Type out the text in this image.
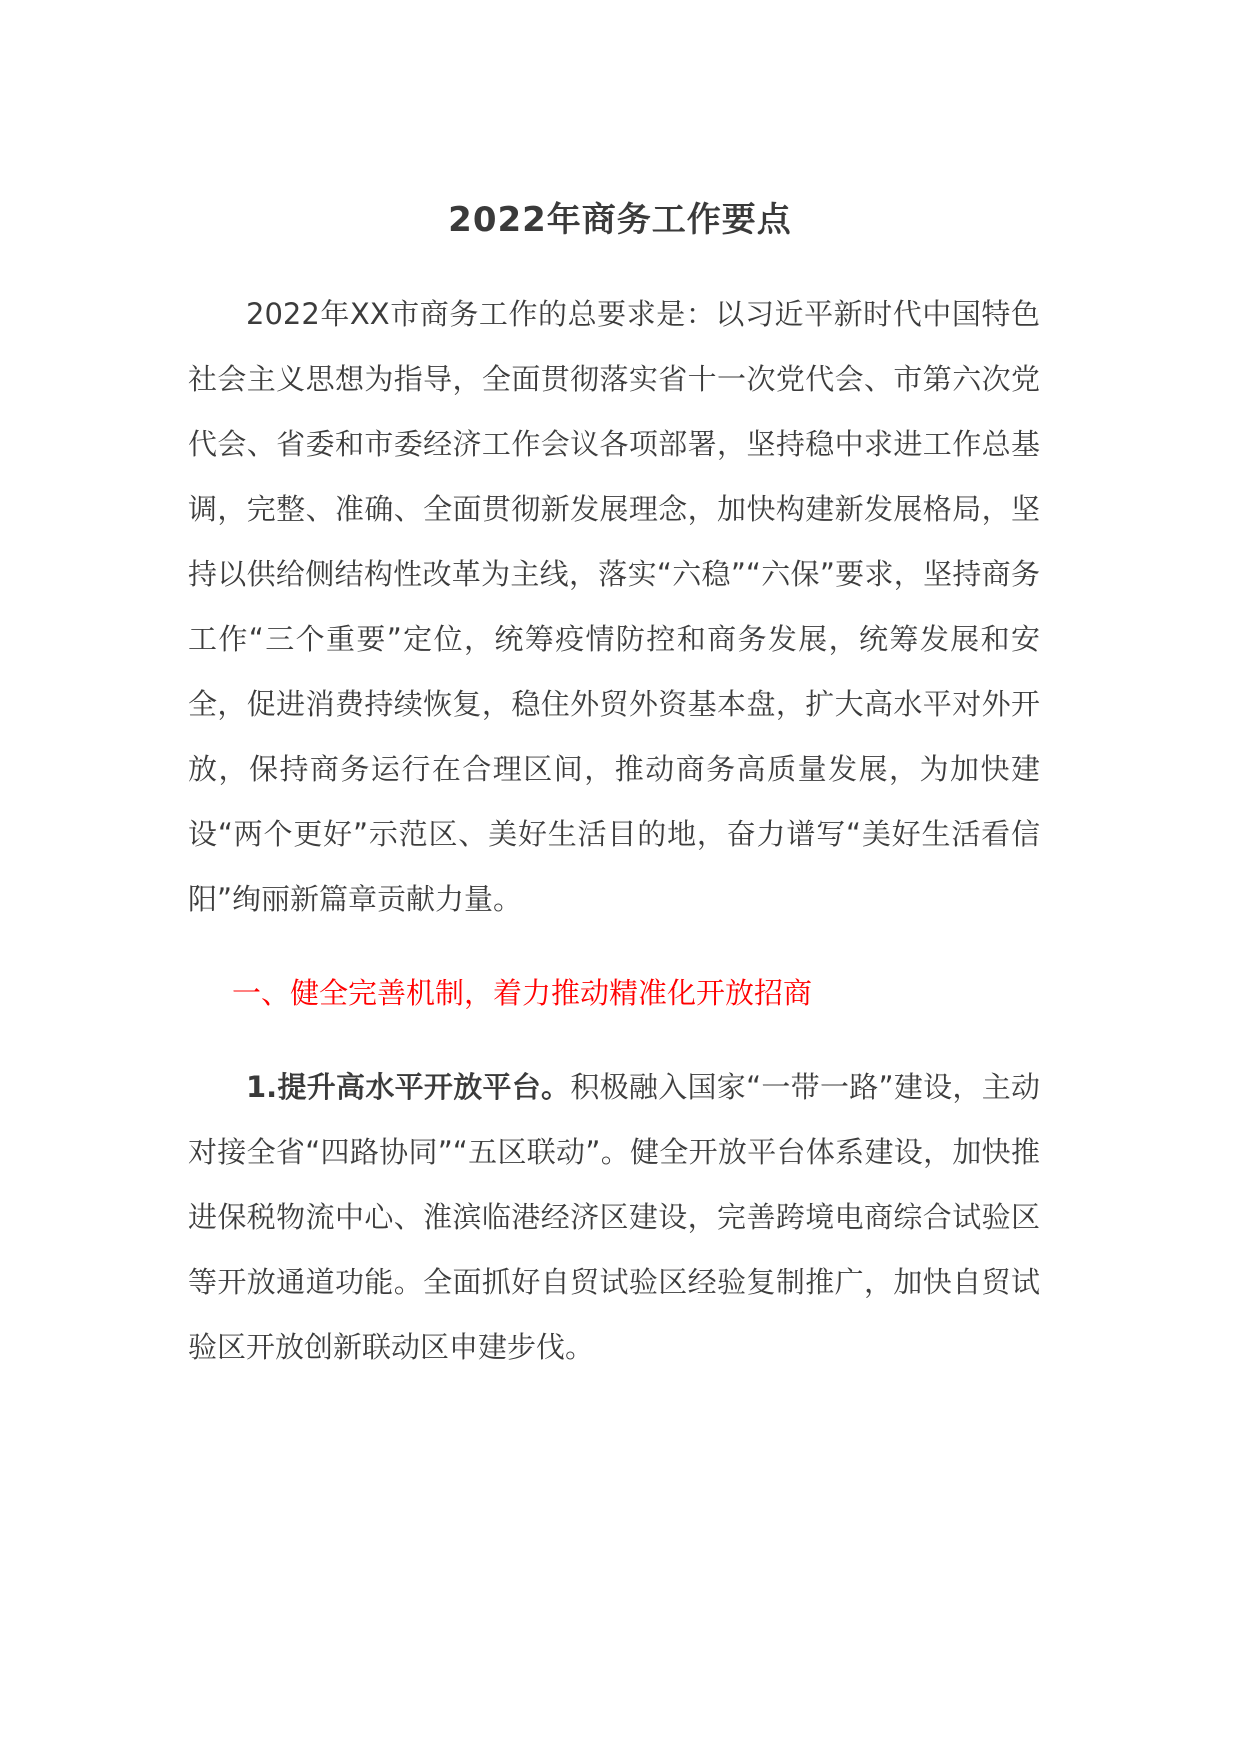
2022年商务工作要点

2022年XX市商务工作的总要求是：以习近平新时代中国特色社会主义思想为指导，全面贯彻落实省十一次党代会、市第六次党代会、省委和市委经济工作会议各项部署，坚持稳中求进工作总基调，完整、准确、全面贯彻新发展理念，加快构建新发展格局，坚持以供给侧结构性改革为主线，落实“六稳”“六保”要求，坚持商务工作“三个重要”定位，统筹疫情防控和商务发展，统筹发展和安全，促进消费持续恢复，稳住外贸外资基本盘，扩大高水平对外开放，保持商务运行在合理区间，推动商务高质量发展，为加快建设“两个更好”示范区、美好生活目的地，奋力谱写“美好生活看信阳”绚丽新篇章贡献力量。

一、健全完善机制，着力推动精准化开放招商

1.提升高水平开放平台。积极融入国家“一带一路”建设，主动对接全省“四路协同”“五区联动”。健全开放平台体系建设，加快推进保税物流中心、淮滨临港经济区建设，完善跨境电商综合试验区等开放通道功能。全面抓好自贸试验区经验复制推广，加快自贸试验区开放创新联动区申建步伐。
